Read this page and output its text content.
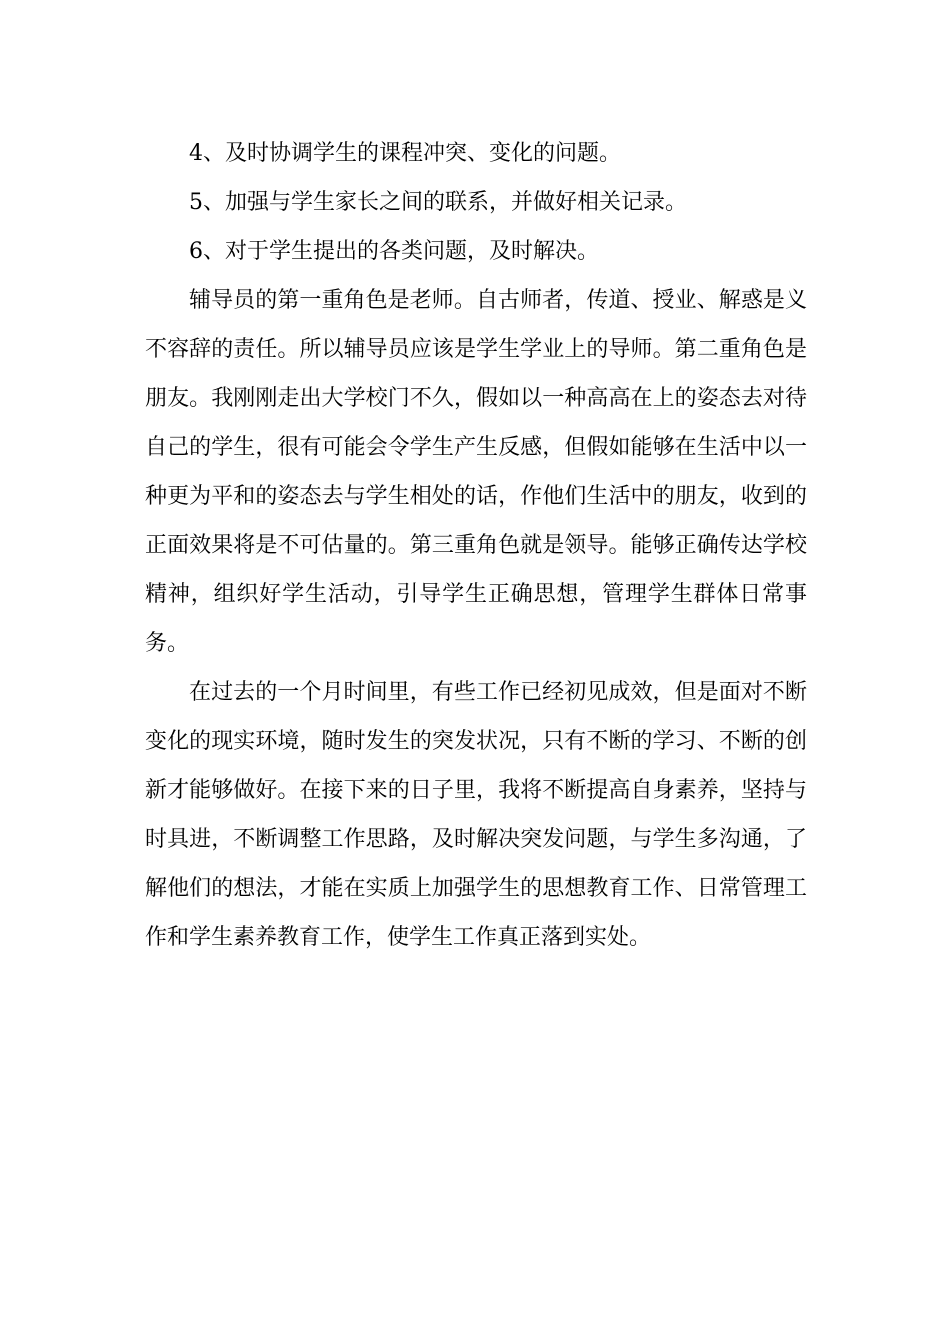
4、及时协调学生的课程冲突、变化的问题。

5、加强与学生家长之间的联系，并做好相关记录。

6、对于学生提出的各类问题，及时解决。

辅导员的第一重角色是老师。自古师者，传道、授业、解惑是义不容辞的责任。所以辅导员应该是学生学业上的导师。第二重角色是朋友。我刚刚走出大学校门不久，假如以一种高高在上的姿态去对待自己的学生，很有可能会令学生产生反感，但假如能够在生活中以一种更为平和的姿态去与学生相处的话，作他们生活中的朋友，收到的正面效果将是不可估量的。第三重角色就是领导。能够正确传达学校精神，组织好学生活动，引导学生正确思想，管理学生群体日常事务。

在过去的一个月时间里，有些工作已经初见成效，但是面对不断变化的现实环境，随时发生的突发状况，只有不断的学习、不断的创新才能够做好。在接下来的日子里，我将不断提高自身素养，坚持与时具进，不断调整工作思路，及时解决突发问题，与学生多沟通，了解他们的想法，才能在实质上加强学生的思想教育工作、日常管理工作和学生素养教育工作，使学生工作真正落到实处。
